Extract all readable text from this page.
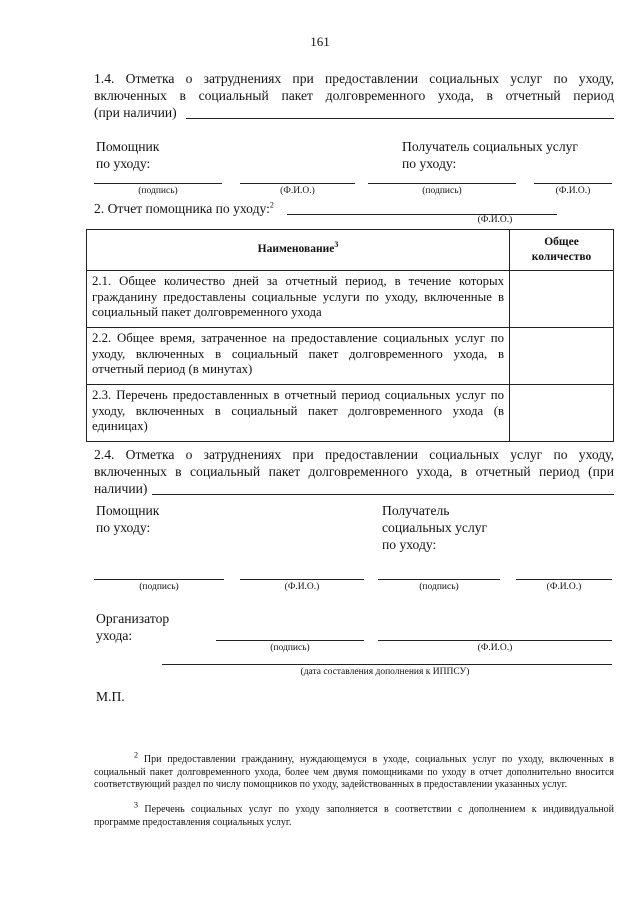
161
1.4. Отметка о затруднениях при предоставлении социальных услуг по уходу, включенных в социальный пакет долговременного ухода, в отчетный период
(при наличии)
Помощник
по уходу:
Получатель социальных услуг
по уходу:
(подпись)	(Ф.И.О.)	(подпись)	(Ф.И.О.)
2. Отчет помощника по уходу:$^2$
(Ф.И.О.)
Наименование$^3$	Общее
количество

2.1. Общее количество дней за отчетный период, в течение которых гражданину предоставлены социальные услуги по уходу, включенные в социальный пакет долговременного ухода	
2.2. Общее время, затраченное на предоставление социальных услуг по уходу, включенных в социальный пакет долговременного ухода, в отчетный период (в минутах)	
2.3. Перечень предоставленных в отчетный период социальных услуг по уходу, включенных в социальный пакет долговременного ухода (в единицах)	
2.4. Отметка о затруднениях при предоставлении социальных услуг по уходу, включенных в социальный пакет долговременного ухода, в отчетный период (при
наличии)
Помощник
по уходу:
Получатель
социальных услуг
по уходу:
(подпись)	(Ф.И.О.)	(подпись)	(Ф.И.О.)
Организатор
ухода:
(подпись)	(Ф.И.О.)
(дата составления дополнения к ИППСУ)
М.П.
$^2$ При предоставлении гражданину, нуждающемуся в уходе, социальных услуг по уходу, включенных в социальный пакет долговременного ухода, более чем двумя помощниками по уходу в отчет дополнительно вносится соответствующий раздел по числу помощников по уходу, задействованных в предоставлении указанных услуг.
$^3$ Перечень социальных услуг по уходу заполняется в соответствии с дополнением к индивидуальной программе предоставления социальных услуг.
